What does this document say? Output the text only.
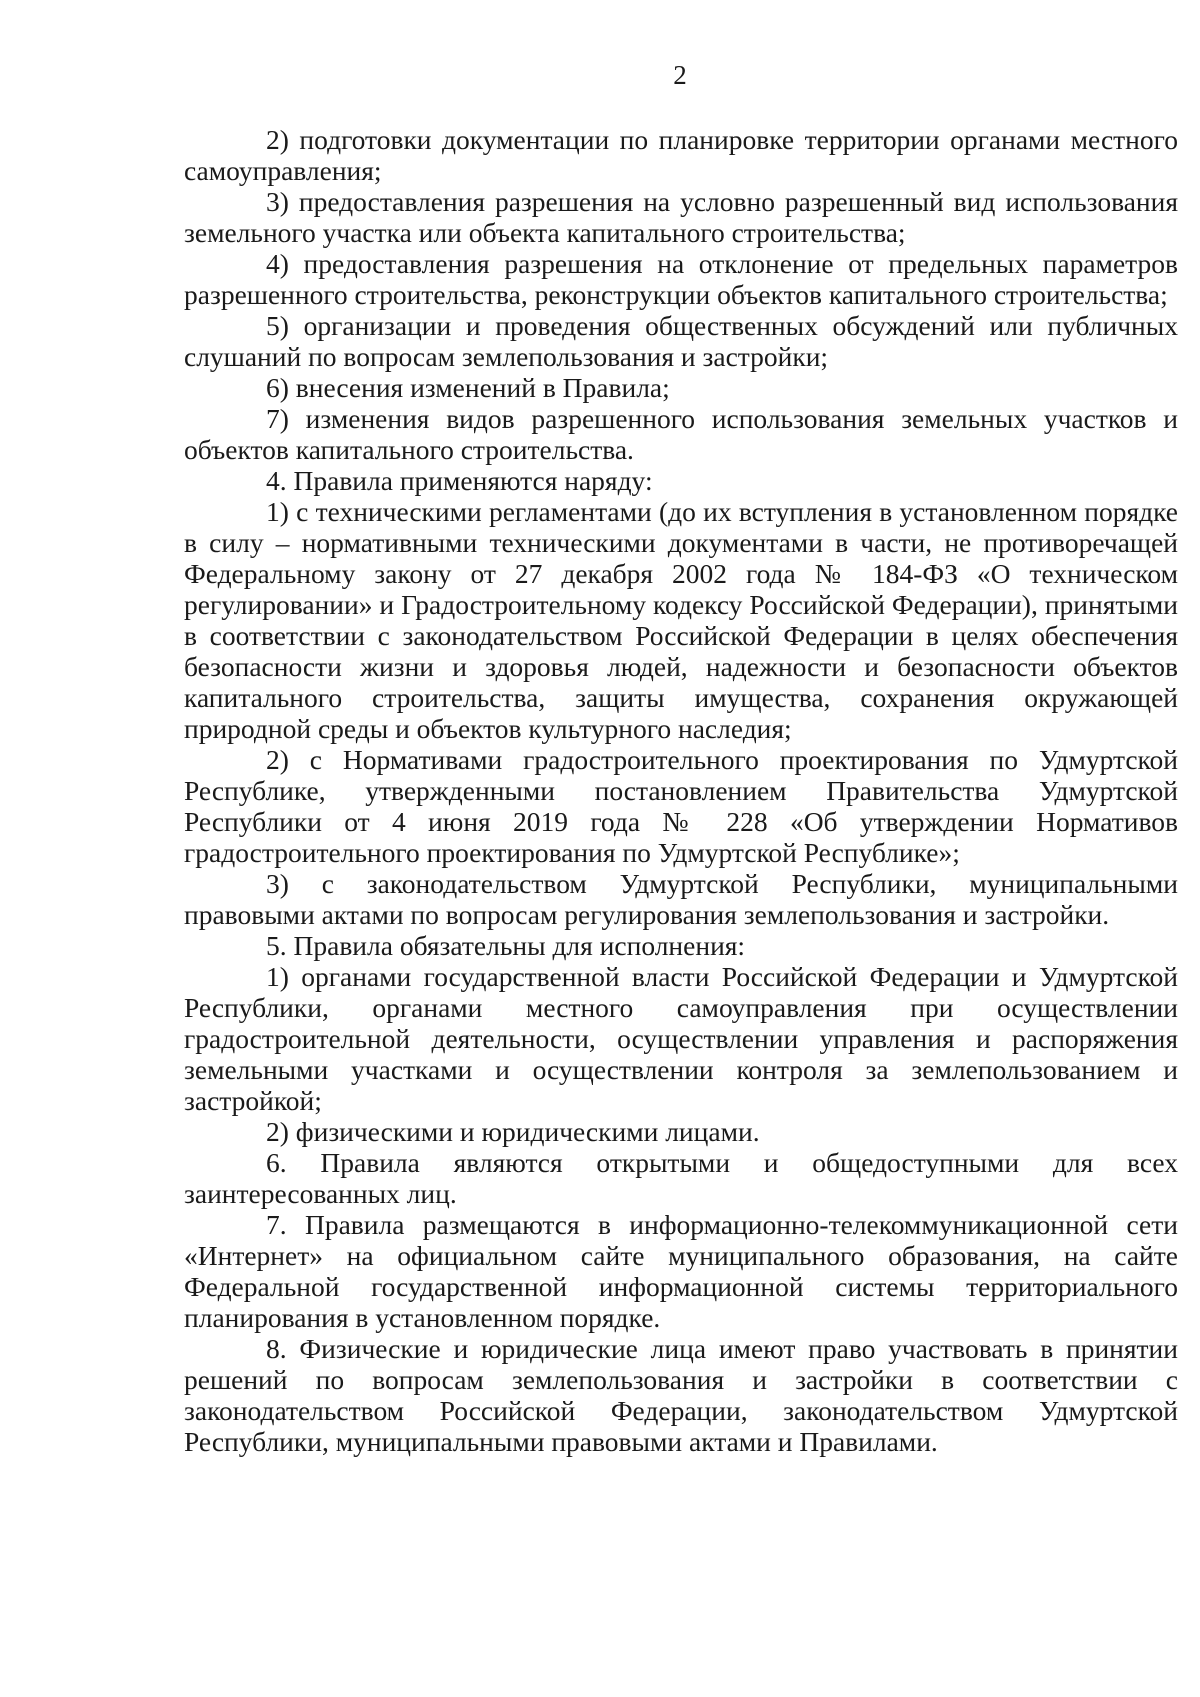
2

2) подготовки документации по планировке территории органами местного самоуправления;

3) предоставления разрешения на условно разрешенный вид использования земельного участка или объекта капитального строительства;

4) предоставления разрешения на отклонение от предельных параметров разрешенного строительства, реконструкции объектов капитального строительства;

5) организации и проведения общественных обсуждений или публичных слушаний по вопросам землепользования и застройки;

6) внесения изменений в Правила;

7) изменения видов разрешенного использования земельных участков и объектов капитального строительства.

4. Правила применяются наряду:

1) с техническими регламентами (до их вступления в установленном порядке в силу – нормативными техническими документами в части, не противоречащей Федеральному закону от 27 декабря 2002 года № 184-ФЗ «О техническом регулировании» и Градостроительному кодексу Российской Федерации), принятыми в соответствии с законодательством Российской Федерации в целях обеспечения безопасности жизни и здоровья людей, надежности и безопасности объектов капитального строительства, защиты имущества, сохранения окружающей природной среды и объектов культурного наследия;

2) с Нормативами градостроительного проектирования по Удмуртской Республике, утвержденными постановлением Правительства Удмуртской Республики от 4 июня 2019 года № 228 «Об утверждении Нормативов градостроительного проектирования по Удмуртской Республике»;

3) с законодательством Удмуртской Республики, муниципальными правовыми актами по вопросам регулирования землепользования и застройки.

5. Правила обязательны для исполнения:

1) органами государственной власти Российской Федерации и Удмуртской Республики, органами местного самоуправления при осуществлении градостроительной деятельности, осуществлении управления и распоряжения земельными участками и осуществлении контроля за землепользованием и застройкой;

2) физическими и юридическими лицами.

6. Правила являются открытыми и общедоступными для всех заинтересованных лиц.

7. Правила размещаются в информационно-телекоммуникационной сети «Интернет» на официальном сайте муниципального образования, на сайте Федеральной государственной информационной системы территориального планирования в установленном порядке.

8. Физические и юридические лица имеют право участвовать в принятии решений по вопросам землепользования и застройки в соответствии с законодательством Российской Федерации, законодательством Удмуртской Республики, муниципальными правовыми актами и Правилами.
